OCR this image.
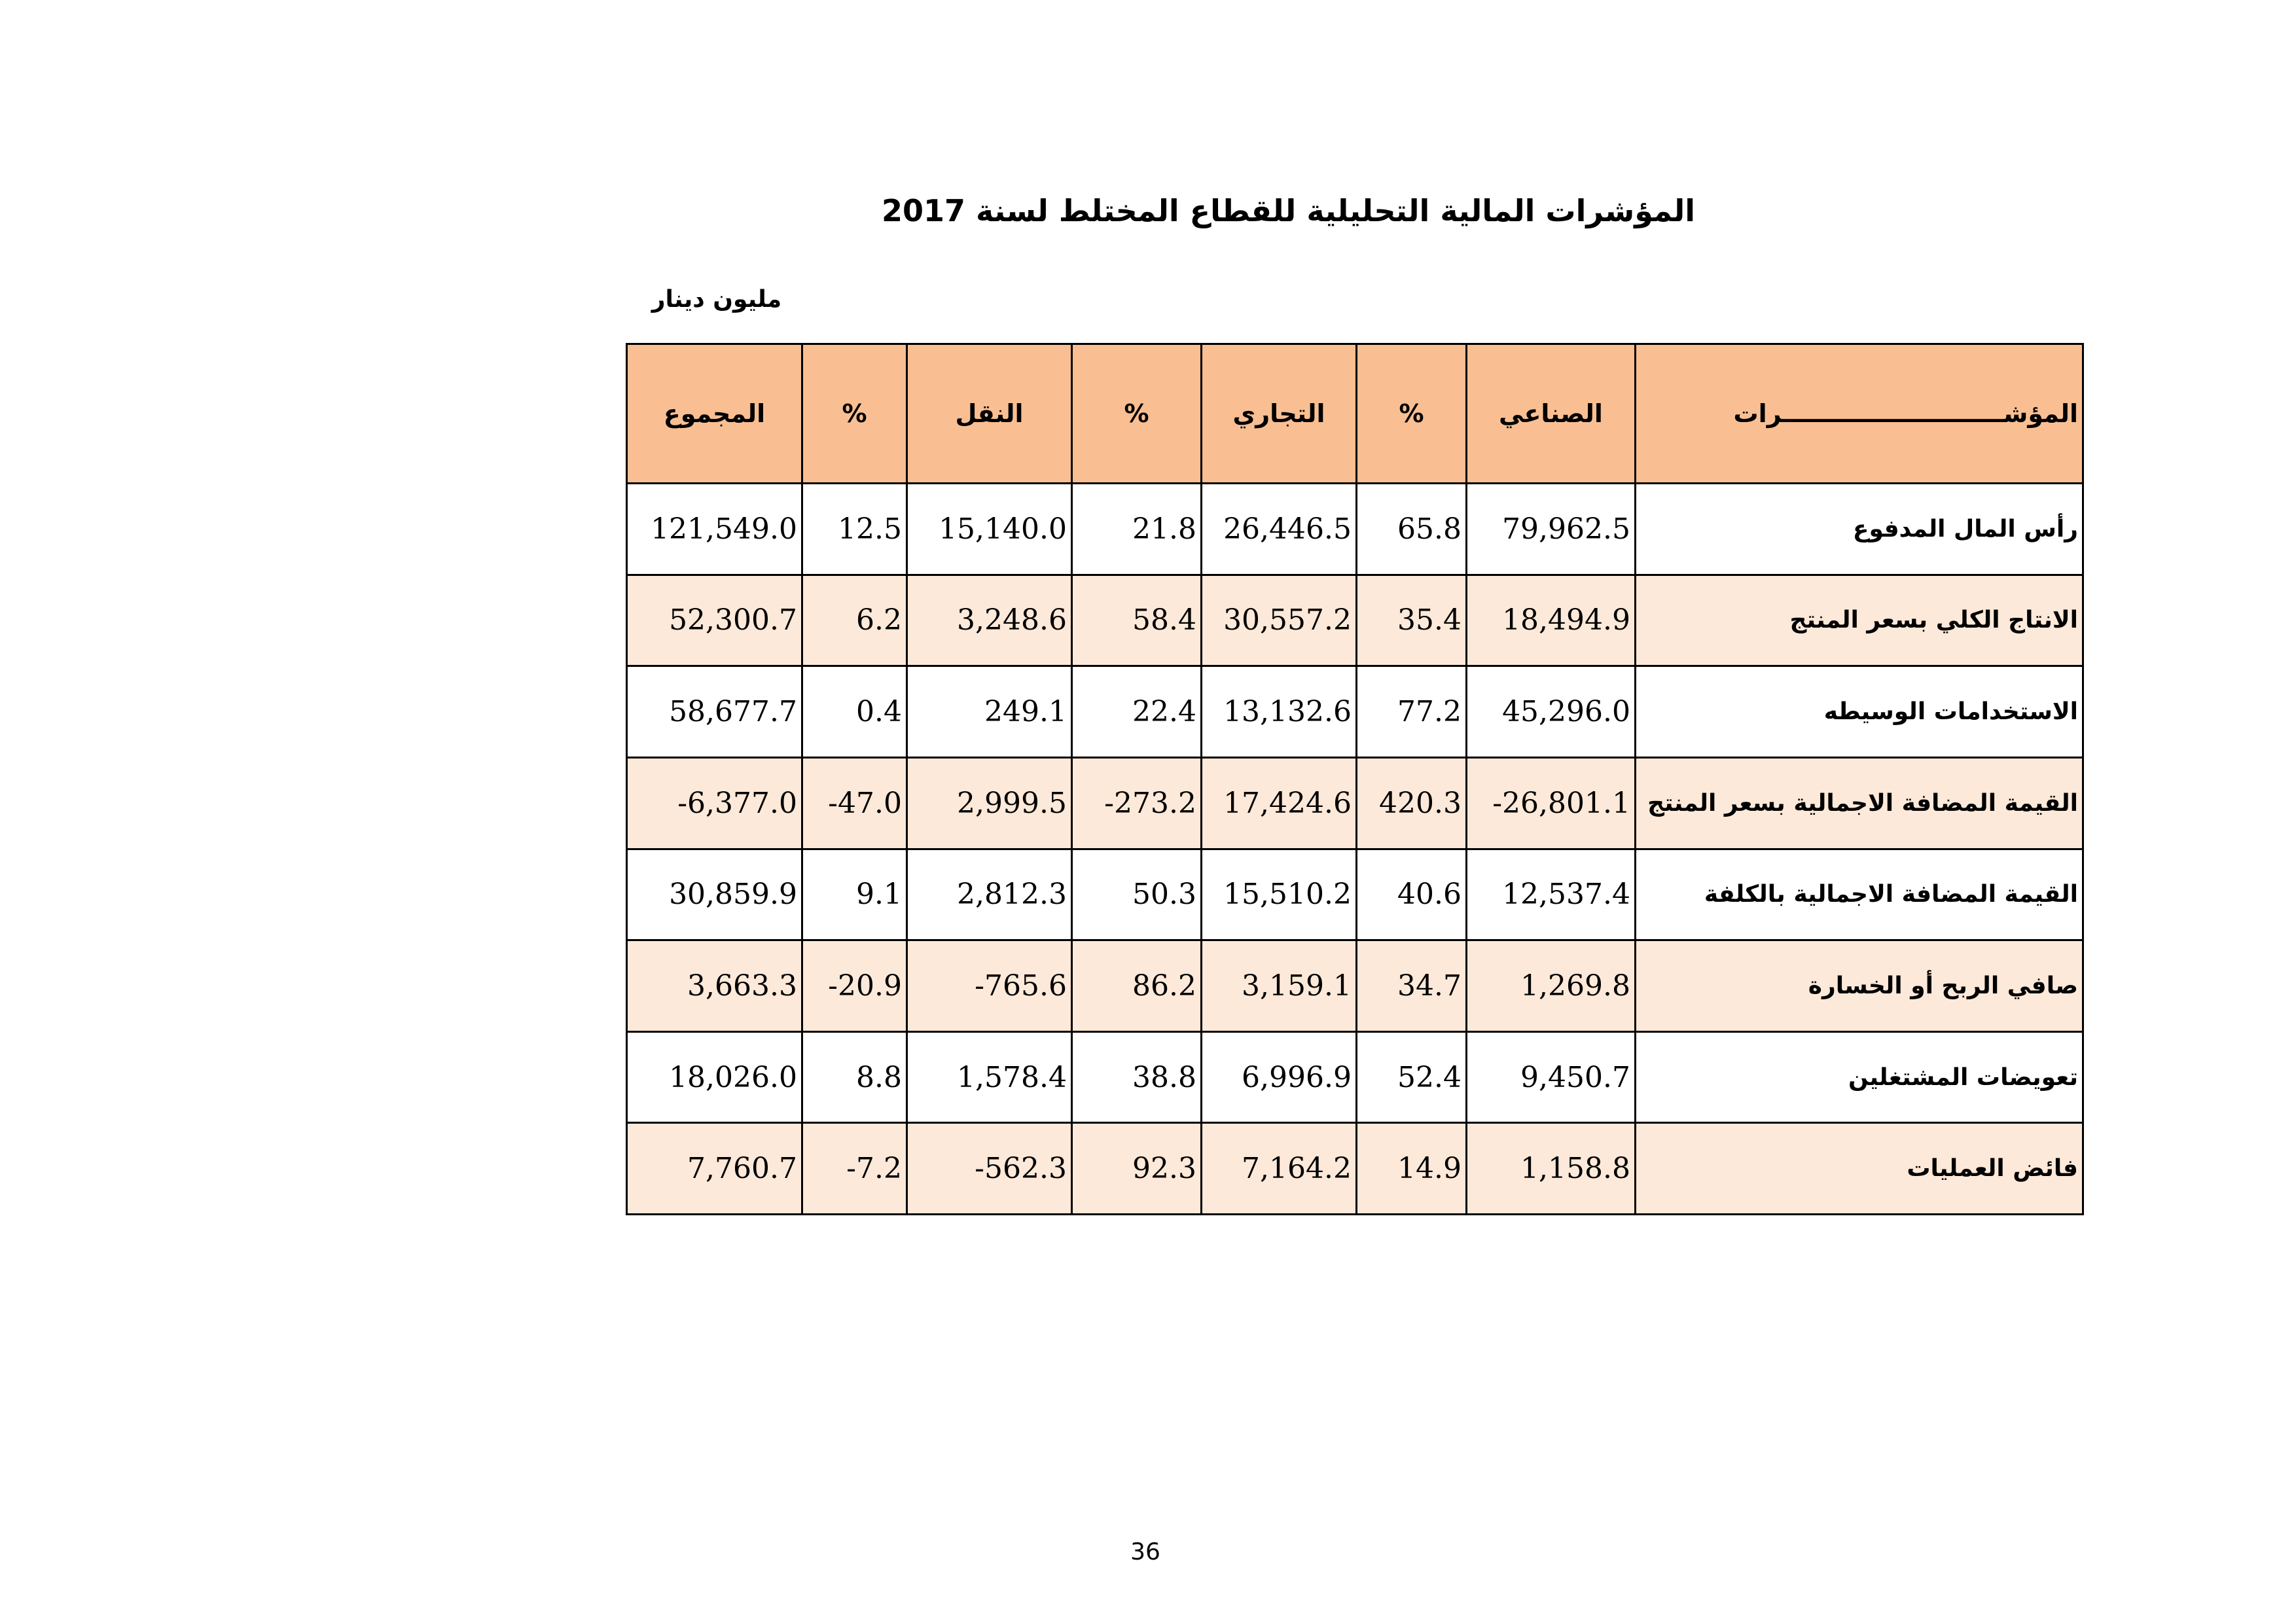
المؤشرات المالية التحليلية للقطاع المختلط لسنة 2017
مليون دينار
المجموع	%	النقل	%	التجاري	%	الصناعي	المؤشــــــــــــــــــــــــــرات
121,549.0	12.5	15,140.0	21.8	26,446.5	65.8	79,962.5	رأس المال المدفوع
52,300.7	6.2	3,248.6	58.4	30,557.2	35.4	18,494.9	الانتاج الكلي بسعر المنتج
58,677.7	0.4	249.1	22.4	13,132.6	77.2	45,296.0	الاستخدامات الوسيطه
-6,377.0	-47.0	2,999.5	-273.2	17,424.6	420.3	-26,801.1	القيمة المضافة الاجمالية بسعر المنتج
30,859.9	9.1	2,812.3	50.3	15,510.2	40.6	12,537.4	القيمة المضافة الاجمالية بالكلفة
3,663.3	-20.9	-765.6	86.2	3,159.1	34.7	1,269.8	صافي الربح أو الخسارة
18,026.0	8.8	1,578.4	38.8	6,996.9	52.4	9,450.7	تعويضات المشتغلين
7,760.7	-7.2	-562.3	92.3	7,164.2	14.9	1,158.8	فائض العمليات
36
